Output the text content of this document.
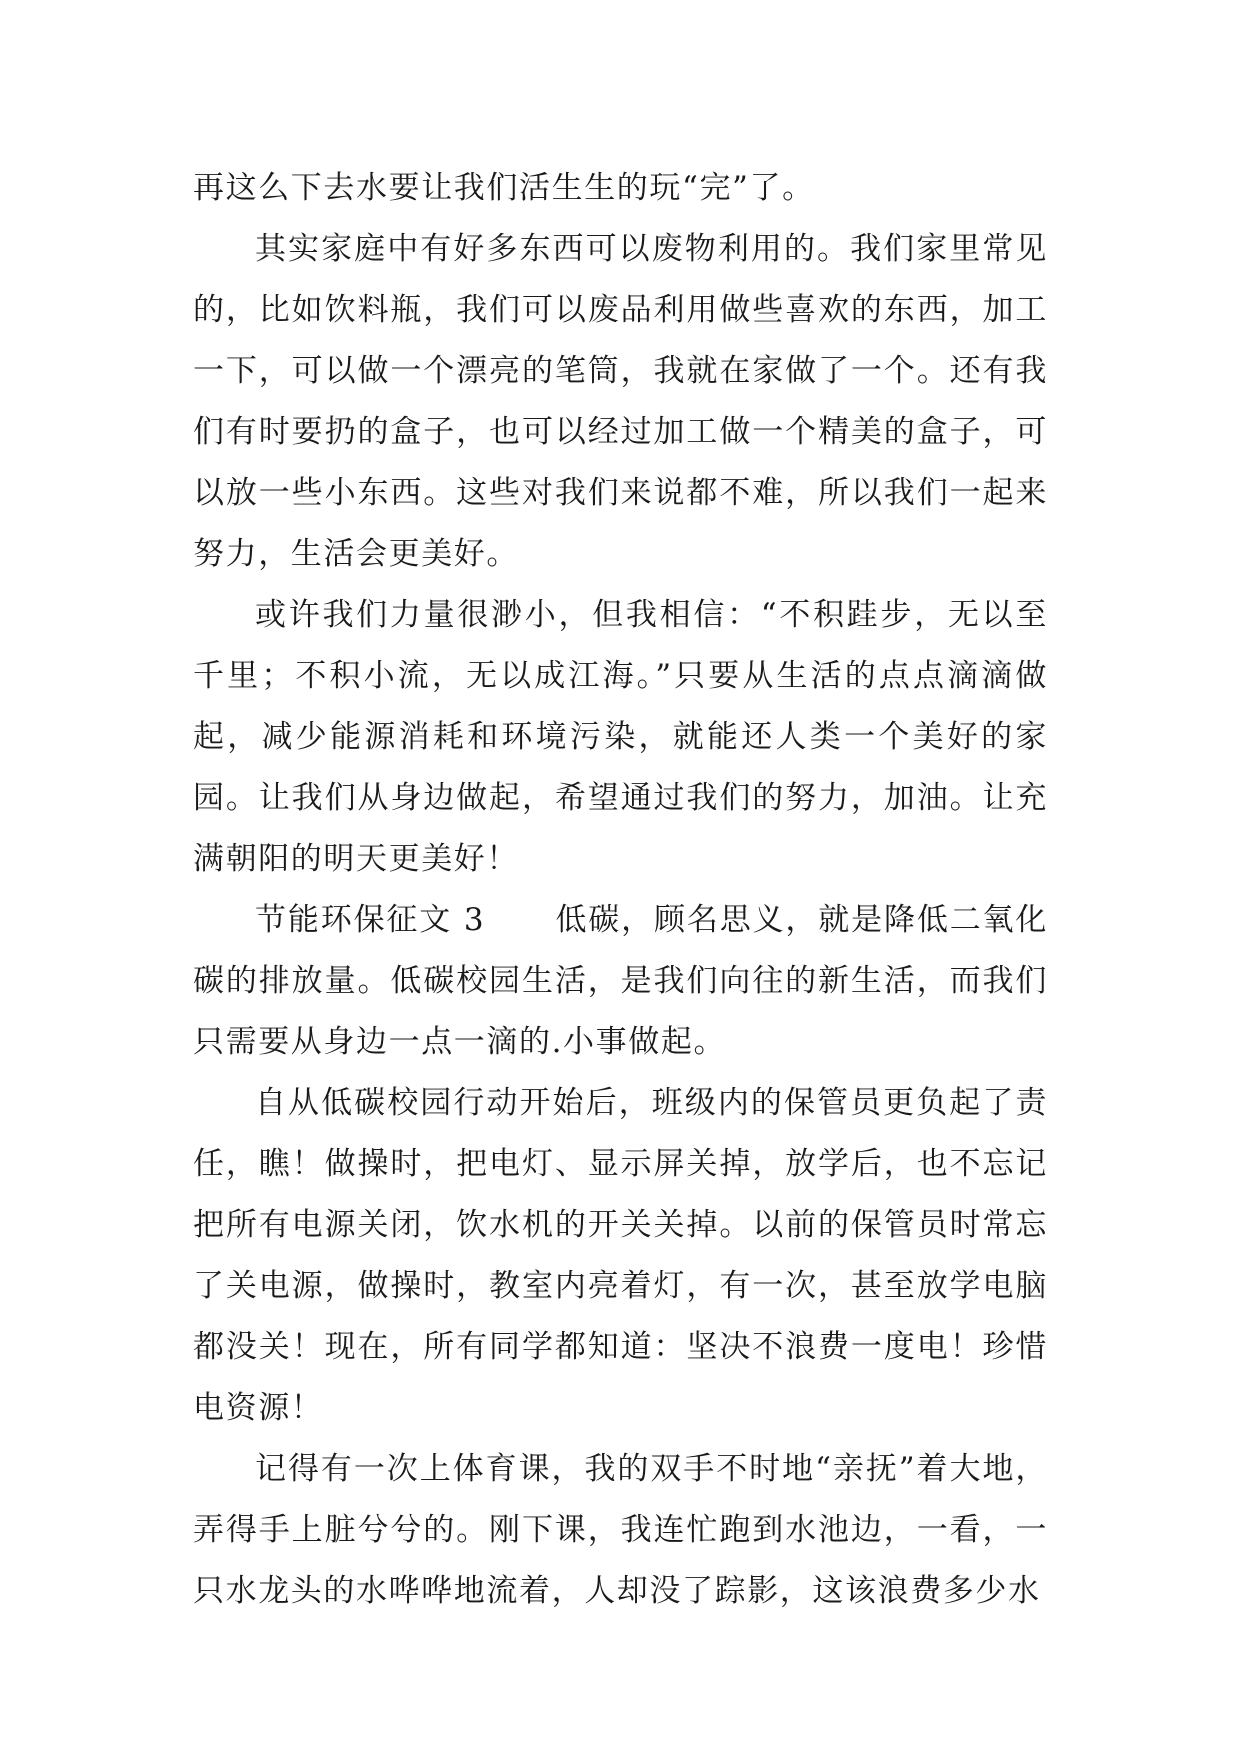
再这么下去水要让我们活生生的玩“完”了。

其实家庭中有好多东西可以废物利用的。我们家里常见的，比如饮料瓶，我们可以废品利用做些喜欢的东西，加工一下，可以做一个漂亮的笔筒，我就在家做了一个。还有我们有时要扔的盒子，也可以经过加工做一个精美的盒子，可以放一些小东西。这些对我们来说都不难，所以我们一起来努力，生活会更美好。

或许我们力量很渺小，但我相信：“不积跬步，无以至千里；不积小流，无以成江海。”只要从生活的点点滴滴做起，减少能源消耗和环境污染，就能还人类一个美好的家园。让我们从身边做起，希望通过我们的努力，加油。让充满朝阳的明天更美好！

节能环保征文 3 低碳，顾名思义，就是降低二氧化碳的排放量。低碳校园生活，是我们向往的新生活，而我们只需要从身边一点一滴的.小事做起。

自从低碳校园行动开始后，班级内的保管员更负起了责任，瞧！做操时，把电灯、显示屏关掉，放学后，也不忘记把所有电源关闭，饮水机的开关关掉。以前的保管员时常忘了关电源，做操时，教室内亮着灯，有一次，甚至放学电脑都没关！现在，所有同学都知道：坚决不浪费一度电！珍惜电资源！

记得有一次上体育课，我的双手不时地“亲抚”着大地，弄得手上脏兮兮的。刚下课，我连忙跑到水池边，一看，一只水龙头的水哗哗地流着，人却没了踪影，这该浪费多少水
